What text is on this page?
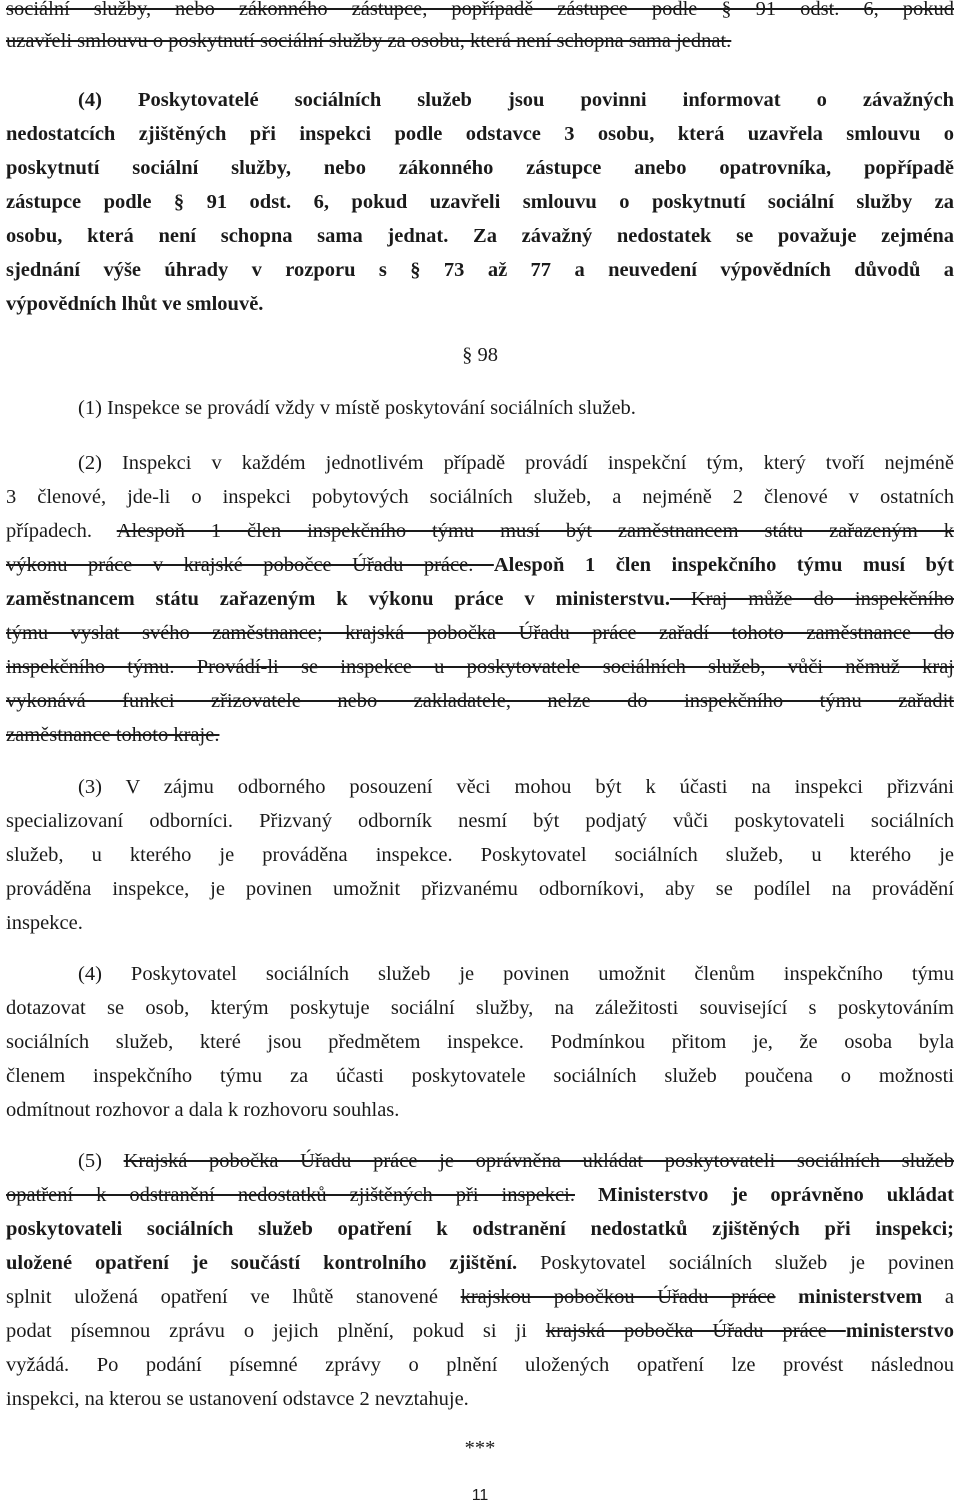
sociální služby, nebo zákonného zástupce, popřípadě zástupce podle § 91 odst. 6, pokud
uzavřeli smlouvu o poskytnutí sociální služby za osobu, která není schopna sama jednat.
(4) Poskytovatelé sociálních služeb jsou povinni informovat o závažných
nedostatcích zjištěných při inspekci podle odstavce 3 osobu, která uzavřela smlouvu o
poskytnutí sociální služby, nebo zákonného zástupce anebo opatrovníka, popřípadě
zástupce podle § 91 odst. 6, pokud uzavřeli smlouvu o poskytnutí sociální služby za
osobu, která není schopna sama jednat. Za závažný nedostatek se považuje zejména
sjednání výše úhrady v rozporu s § 73 až 77 a neuvedení výpovědních důvodů a
výpovědních lhůt ve smlouvě.
§ 98
(1) Inspekce se provádí vždy v místě poskytování sociálních služeb.
(2) Inspekci v každém jednotlivém případě provádí inspekční tým, který tvoří nejméně
3 členové, jde-li o inspekci pobytových sociálních služeb, a nejméně 2 členové v ostatních
případech. Alespoň 1 člen inspekčního týmu musí být zaměstnancem státu zařazeným k
výkonu práce v krajské pobočce Úřadu práce. Alespoň 1 člen inspekčního týmu musí být
zaměstnancem státu zařazeným k výkonu práce v ministerstvu. Kraj může do inspekčního
týmu vyslat svého zaměstnance; krajská pobočka Úřadu práce zařadí tohoto zaměstnance do
inspekčního týmu. Provádí-li se inspekce u poskytovatele sociálních služeb, vůči němuž kraj
vykonává funkci zřizovatele nebo zakladatele, nelze do inspekčního týmu zařadit
zaměstnance tohoto kraje.
(3) V zájmu odborného posouzení věci mohou být k účasti na inspekci přizváni
specializovaní odborníci. Přizvaný odborník nesmí být podjatý vůči poskytovateli sociálních
služeb, u kterého je prováděna inspekce. Poskytovatel sociálních služeb, u kterého je
prováděna inspekce, je povinen umožnit přizvanému odborníkovi, aby se podílel na provádění
inspekce.
(4) Poskytovatel sociálních služeb je povinen umožnit členům inspekčního týmu
dotazovat se osob, kterým poskytuje sociální služby, na záležitosti související s poskytováním
sociálních služeb, které jsou předmětem inspekce. Podmínkou přitom je, že osoba byla
členem inspekčního týmu za účasti poskytovatele sociálních služeb poučena o možnosti
odmítnout rozhovor a dala k rozhovoru souhlas.
(5) Krajská pobočka Úřadu práce je oprávněna ukládat poskytovateli sociálních služeb
opatření k odstranění nedostatků zjištěných při inspekci. Ministerstvo je oprávněno ukládat
poskytovateli sociálních služeb opatření k odstranění nedostatků zjištěných při inspekci;
uložené opatření je součástí kontrolního zjištění. Poskytovatel sociálních služeb je povinen
splnit uložená opatření ve lhůtě stanovené krajskou pobočkou Úřadu práce ministerstvem a
podat písemnou zprávu o jejich plnění, pokud si ji krajská pobočka Úřadu práce ministerstvo
vyžádá. Po podání písemné zprávy o plnění uložených opatření lze provést následnou
inspekci, na kterou se ustanovení odstavce 2 nevztahuje.
***
11
